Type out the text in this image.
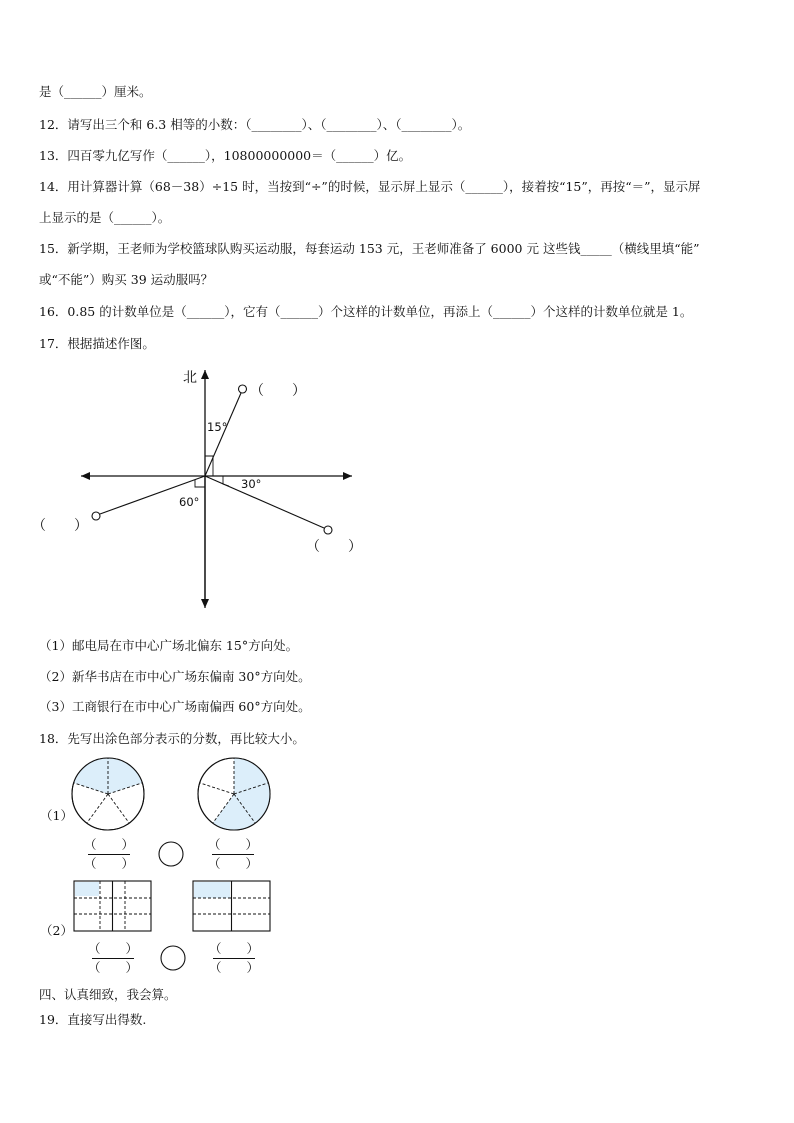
是（______）厘米。
12．请写出三个和 6.3 相等的小数：（________）、（________）、（________）。
13．四百零九亿写作（______），10800000000＝（______）亿。
14．用计算器计算（68－38）÷15 时，当按到“÷”的时候，显示屏上显示（______），接着按“15”，再按“＝”，显示屏
上显示的是（______）。
15．新学期，王老师为学校篮球队购买运动服，每套运动 153 元，王老师准备了 6000 元 这些钱_____（横线里填“能”
或“不能”）购买 39 运动服吗？
16．0.85 的计数单位是（______），它有（______）个这样的计数单位，再添上（______）个这样的计数单位就是 1。
17．根据描述作图。
北
15°
30°
60°
（　　）
（　　）
（　　）
（1）邮电局在市中心广场北偏东 15°方向处。
（2）新华书店在市中心广场东偏南 30°方向处。
（3）工商银行在市中心广场南偏西 60°方向处。
18．先写出涂色部分表示的分数，再比较大小。
（1）
（2）
（　　）
（　　）
（　　）
（　　）
（　　）
（　　）
（　　）
（　　）
四、认真细致，我会算。
19．直接写出得数.
